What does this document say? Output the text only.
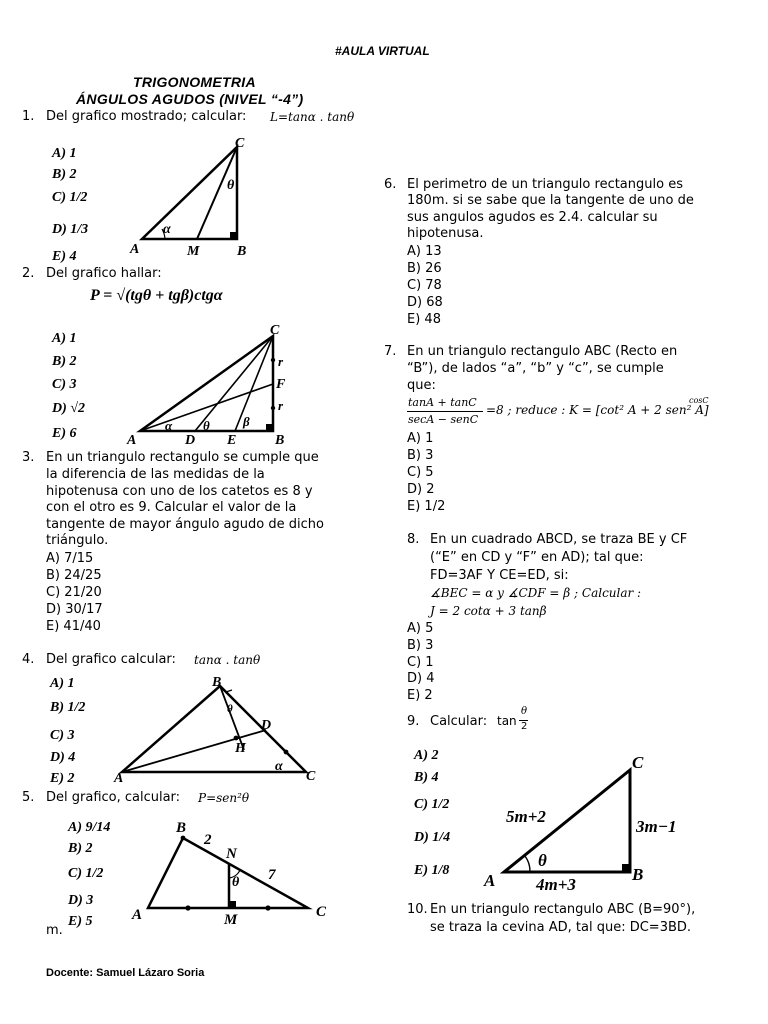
#AULA VIRTUAL
TRIGONOMETRIA
ÁNGULOS AGUDOS (NIVEL “-4”)
1. Del grafico mostrado; calcular: L=tanα . tanθ
A) 1
B) 2
C) 1/2
D) 1/3
E) 4	A	M	B
C
α
θ
2. Del grafico hallar:
P = √(tgθ + tgβ)ctgα
A) 1
B) 2
C) 3
D) √2
E) 6	A	D E	B
C
F
r
r
α θ	β
3. En un triangulo rectangulo se cumple que
la diferencia de las medidas de la
hipotenusa con uno de los catetos es 8 y
con el otro es 9. Calcular el valor de la
tangente de mayor ángulo agudo de dicho
triángulo.
A) 7/15
B) 24/25
C) 21/20
D) 30/17
E) 41/40
4. Del grafico calcular: tanα . tanθ
A) 1
B) 1/2
C) 3
D) 4
E) 2	A
B
C
D
H
α
θ
5. Del grafico, calcular: P=sen²θ
A) 9/14
B) 2
C) 1/2
D) 3
E) 5
m.
A
B
N
M	C
2
7
θ
6. El perimetro de un triangulo rectangulo es
180m. si se sabe que la tangente de uno de
sus angulos agudos es 2.4. calcular su
hipotenusa.
A) 13
B) 26
C) 78
D) 68
E) 48
7. En un triangulo rectangulo ABC (Recto en
“B”), de lados “a”, “b” y “c”, se cumple
que:
tanA + tanC
secA − senC
=8 ; reduce : K = [cot² A + 2 sen² A]
cosC
A) 1
B) 3
C) 5
D) 2
E) 1/2
8. En un cuadrado ABCD, se traza BE y CF
(“E” en CD y “F” en AD); tal que:
FD=3AF Y CE=ED, si:
∡BEC = α y ∡CDF = β ; Calcular :
J = 2 cotα + 3 tanβ
A) 5
B) 3
C) 1
D) 4
E) 2
9. Calcular: tan
θ
2
A) 2
B) 4
C) 1/2
D) 1/4
E) 1/8
A	B
C
5m+2
3m−1
4m+3
θ
10. En un triangulo rectangulo ABC (B=90°),
se traza la cevina AD, tal que: DC=3BD.
Docente: Samuel Lázaro Soria
